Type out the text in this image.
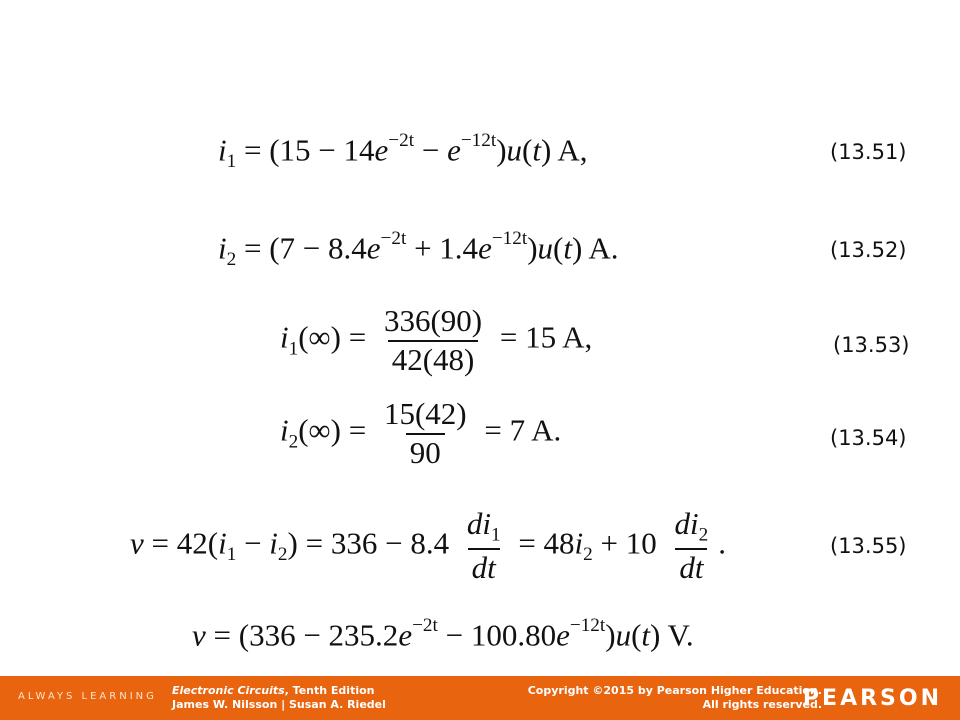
$i_1 = (15 - 14e^{-2t} - e^{-12t})u(t)$ A,	(13.51)
$i_2 = (7 - 8.4e^{-2t} + 1.4e^{-12t})u(t)$ A.	(13.52)
$i_1(\infty) = \frac{336(90)}{42(48)} = 15$ A,	(13.53)
$i_2(\infty) = \frac{15(42)}{90} = 7$ A.	(13.54)
$v = 42(i_1 - i_2) = 336 - 8.4 \frac{di_1}{dt} = 48i_2 + 10 \frac{di_2}{dt}$ .	(13.55)
$v = (336 - 235.2e^{-2t} - 100.80e^{-12t})u(t)$ V.
ALWAYS LEARNING Electronic Circuits, Tenth Edition
James W. Nilsson | Susan A. Riedel
Copyright ©2015 by Pearson Higher Education.
All rights reserved.
PEARSON
